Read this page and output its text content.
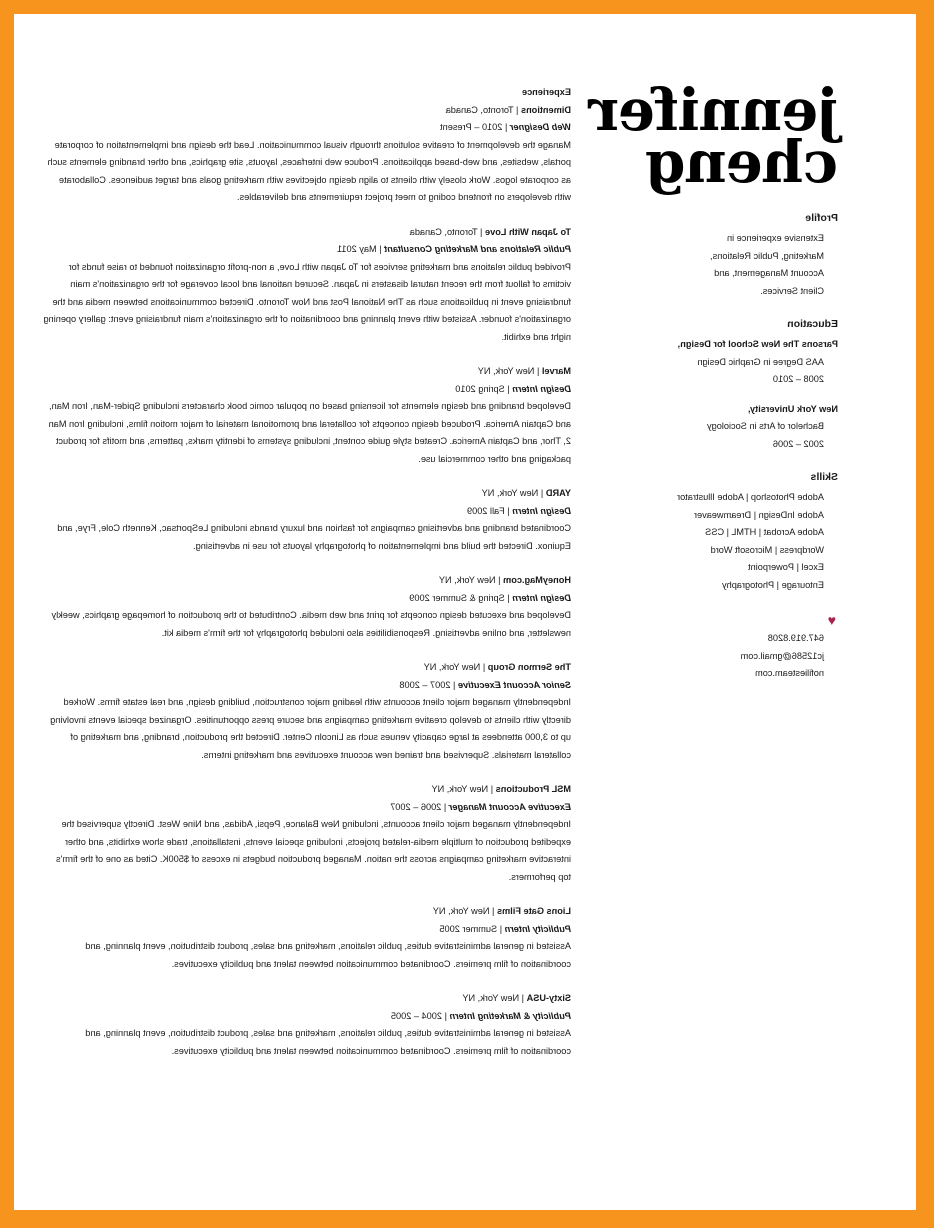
jennifer
cheng
Profile
Extensive experience in
Marketing, Public Relations,
Account Management, and
Client Services.
Education
Parsons The New School for Design,
AAS Degree in Graphic Design
2008 – 2010
New York University,
Bachelor of Arts in Sociology
2002 – 2006
Skills
Adobe Photoshop | Adobe Illustrator
Adobe InDesign | Dreamweaver
Adobe Acrobat | HTML | CSS
Wordpress | Microsoft Word
Excel | Powerpoint
Entourage | Photography
♥
647.919.8208
jc12586@gmail.com
nofiliesteam.com

Experience

Dimentions | Toronto, Canada

Web Designer | 2010 – Present

Manage the development of creative solutions through visual communication. Lead the design and implementation of corporate portals, websites, and web-based applications. Produce web interfaces, layouts, site graphics, and other branding elements such as corporate logos. Work closely with clients to align design objectives with marketing goals and target audiences. Collaborate with developers on frontend coding to meet project requirements and deliverables.

To Japan With Love | Toronto, Canada

Public Relations and Marketing Consultant | May 2011

Provided public relations and marketing services for To Japan with Love, a non-profit organization founded to raise funds for victims of fallout from the recent natural disasters in Japan. Secured national and local coverage for the organization's main fundraising event in publications such as The National Post and Now Toronto. Directed communications between media and the organization's founder. Assisted with event planning and coordination of the organization's main fundraising event: gallery opening night and exhibit.

Marvel | New York, NY

Design Intern | Spring 2010

Developed branding and design elements for licensing based on popular comic book characters including Spider-Man, Iron Man, and Captain America. Produced design concepts for collateral and promotional material of major motion films, including Iron Man 2, Thor, and Captain America. Created style guide content, including systems of identity marks, patterns, and motifs for product packaging and other commercial use.

YARD | New York, NY

Design Intern | Fall 2009

Coordinated branding and advertising campaigns for fashion and luxury brands including LeSportsac, Kenneth Cole, Frye, and Equinox. Directed the build and implementation of photography layouts for use in advertising.

HoneyMag.com | New York, NY

Design Intern | Spring & Summer 2009

Developed and executed design concepts for print and web media. Contributed to the production of homepage graphics, weekly newsletter, and online advertising. Responsibilities also included photography for the firm's media kit.

The Sermon Group | New York, NY

Senior Account Executive | 2007 – 2008

Independently managed major client accounts with leading major construction, building design, and real estate firms. Worked directly with clients to develop creative marketing campaigns and secure press opportunities. Organized special events involving up to 3,000 attendees at large capacity venues such as Lincoln Center. Directed the production, branding, and marketing of collateral materials. Supervised and trained new account executives and marketing interns.

MSL Productions | New York, NY

Executive Account Manager | 2006 – 2007

Independently managed major client accounts, including New Balance, Pepsi, Adidas, and Nine West. Directly supervised the expedited production of multiple media-related projects, including special events, installations, trade show exhibits, and other interactive marketing campaigns across the nation. Managed production budgets in excess of $500K. Cited as one of the firm's top performers.

Lions Gate Films | New York, NY

Publicity Intern | Summer 2005

Assisted in general administrative duties, public relations, marketing and sales, product distribution, event planning, and coordination of film premiers. Coordinated communication between talent and publicity executives.

Sixty-USA | New York, NY

Publicity & Marketing Intern | 2004 – 2005

Assisted in general administrative duties, public relations, marketing and sales, product distribution, event planning, and coordination of film premiers. Coordinated communication between talent and publicity executives.
